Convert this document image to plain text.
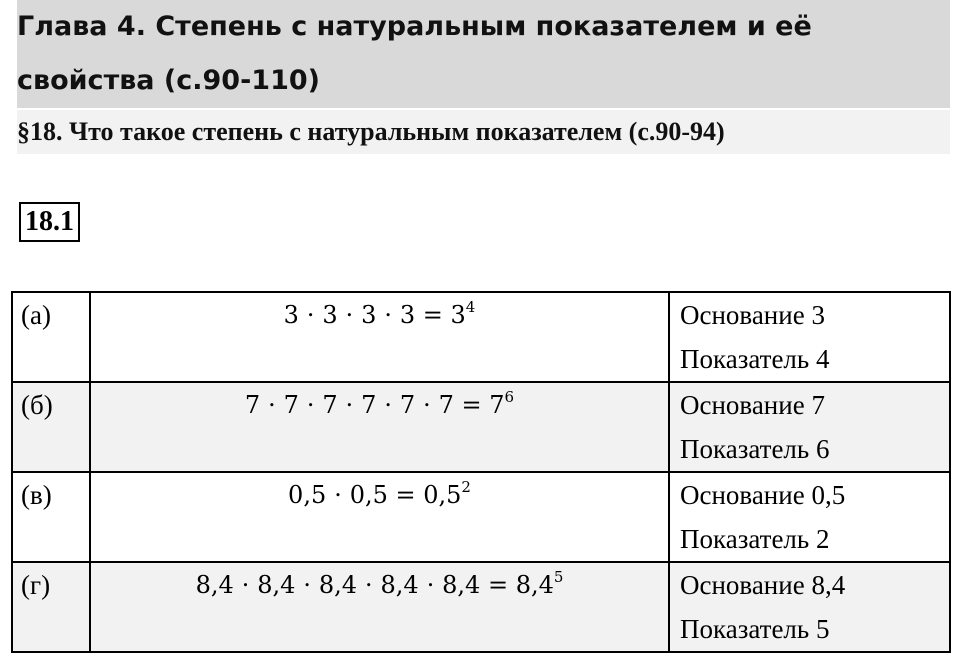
Глава 4. Степень с натуральным показателем и её
свойства (с.90-110)
§18. Что такое степень с натуральным показателем (с.90-94)
18.1
(а)	$3 \cdot 3 \cdot 3 \cdot 3 = 3^4$	Основание 3
Показатель 4

(б)	$7 \cdot 7 \cdot 7 \cdot 7 \cdot 7 \cdot 7 = 7^6$	Основание 7
Показатель 6

(в)	$0,5 \cdot 0,5 = 0,5^2$	Основание 0,5
Показатель 2

(г)	$8,4 \cdot 8,4 \cdot 8,4 \cdot 8,4 \cdot 8,4 = 8,4^5$	Основание 8,4
Показатель 5
